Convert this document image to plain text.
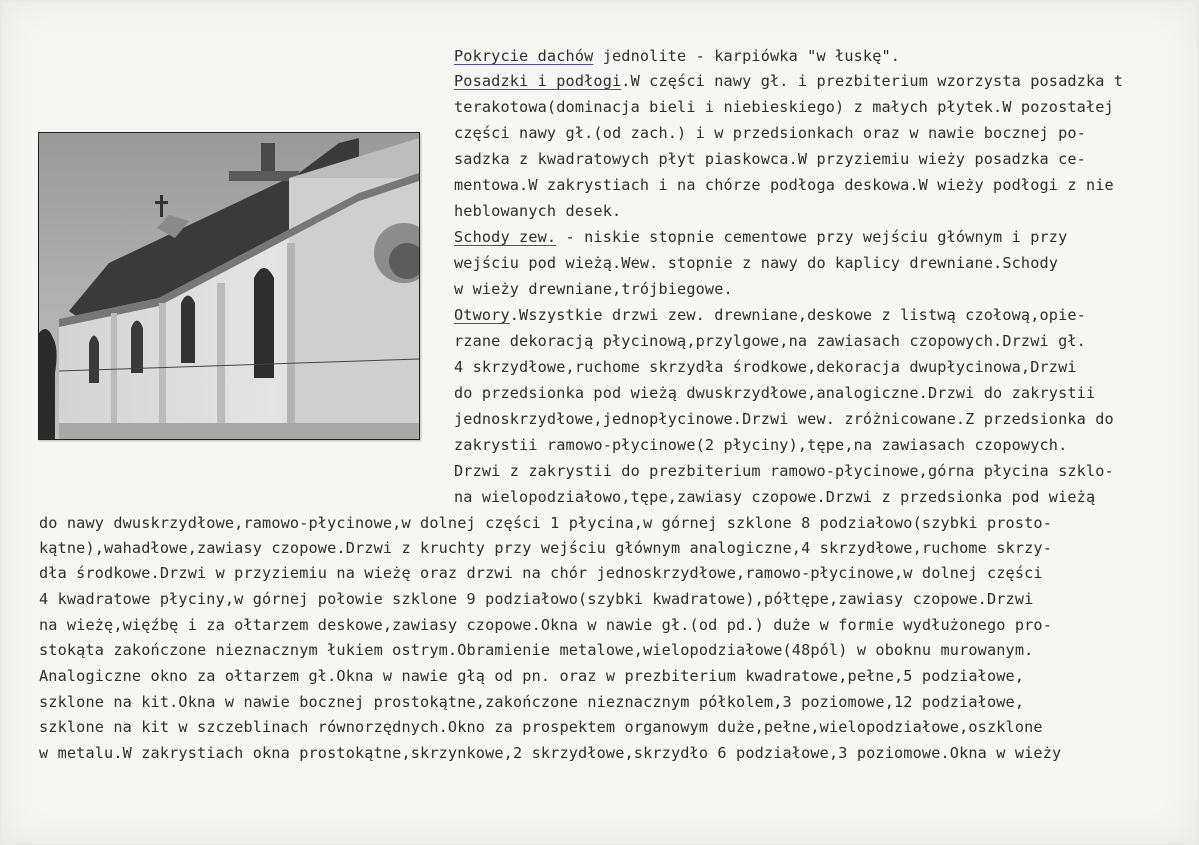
Pokrycie dachów jednolite - karpiówka "w łuskę".
Posadzki i podłogi.W części nawy gł. i prezbiterium wzorzysta posadzka t
terakotowa(dominacja bieli i niebieskiego) z małych płytek.W pozostałej
części nawy gł.(od zach.) i w przedsionkach oraz w nawie bocznej po-
sadzka z kwadratowych płyt piaskowca.W przyziemiu wieży posadzka ce-
mentowa.W zakrystiach i na chórze podłoga deskowa.W wieży podłogi z nie
heblowanych desek.
Schody zew. - niskie stopnie cementowe przy wejściu głównym i przy
wejściu pod wieżą.Wew. stopnie z nawy do kaplicy drewniane.Schody
w wieży drewniane,trójbiegowe.
Otwory.Wszystkie drzwi zew. drewniane,deskowe z listwą czołową,opie-
rzane dekoracją płycinową,przylgowe,na zawiasach czopowych.Drzwi gł.
4 skrzydłowe,ruchome skrzydła środkowe,dekoracja dwupłycinowa,Drzwi
do przedsionka pod wieżą dwuskrzydłowe,analogiczne.Drzwi do zakrystii
jednoskrzydłowe,jednopłycinowe.Drzwi wew. zróżnicowane.Z przedsionka do
zakrystii ramowo-płycinowe(2 płyciny),tępe,na zawiasach czopowych.
Drzwi z zakrystii do prezbiterium ramowo-płycinowe,górna płycina szklo-
na wielopodziałowo,tępe,zawiasy czopowe.Drzwi z przedsionka pod wieżą
do nawy dwuskrzydłowe,ramowo-płycinowe,w dolnej części 1 płycina,w górnej szklone 8 podziałowo(szybki prosto-
kątne),wahadłowe,zawiasy czopowe.Drzwi z kruchty przy wejściu głównym analogiczne,4 skrzydłowe,ruchome skrzy-
dła środkowe.Drzwi w przyziemiu na wieżę oraz drzwi na chór jednoskrzydłowe,ramowo-płycinowe,w dolnej części
4 kwadratowe płyciny,w górnej połowie szklone 9 podziałowo(szybki kwadratowe),półtępe,zawiasy czopowe.Drzwi
na wieżę,więźbę i za ołtarzem deskowe,zawiasy czopowe.Okna w nawie gł.(od pd.) duże w formie wydłużonego pro-
stokąta zakończone nieznacznym łukiem ostrym.Obramienie metalowe,wielopodziałowe(48pól) w oboknu murowanym.
Analogiczne okno za ołtarzem gł.Okna w nawie głą od pn. oraz w prezbiterium kwadratowe,pełne,5 podziałowe,
szklone na kit.Okna w nawie bocznej prostokątne,zakończone nieznacznym półkolem,3 poziomowe,12 podziałowe,
szklone na kit w szczeblinach równorzędnych.Okno za prospektem organowym duże,pełne,wielopodziałowe,oszklone
w metalu.W zakrystiach okna prostokątne,skrzynkowe,2 skrzydłowe,skrzydło 6 podziałowe,3 poziomowe.Okna w wieży
